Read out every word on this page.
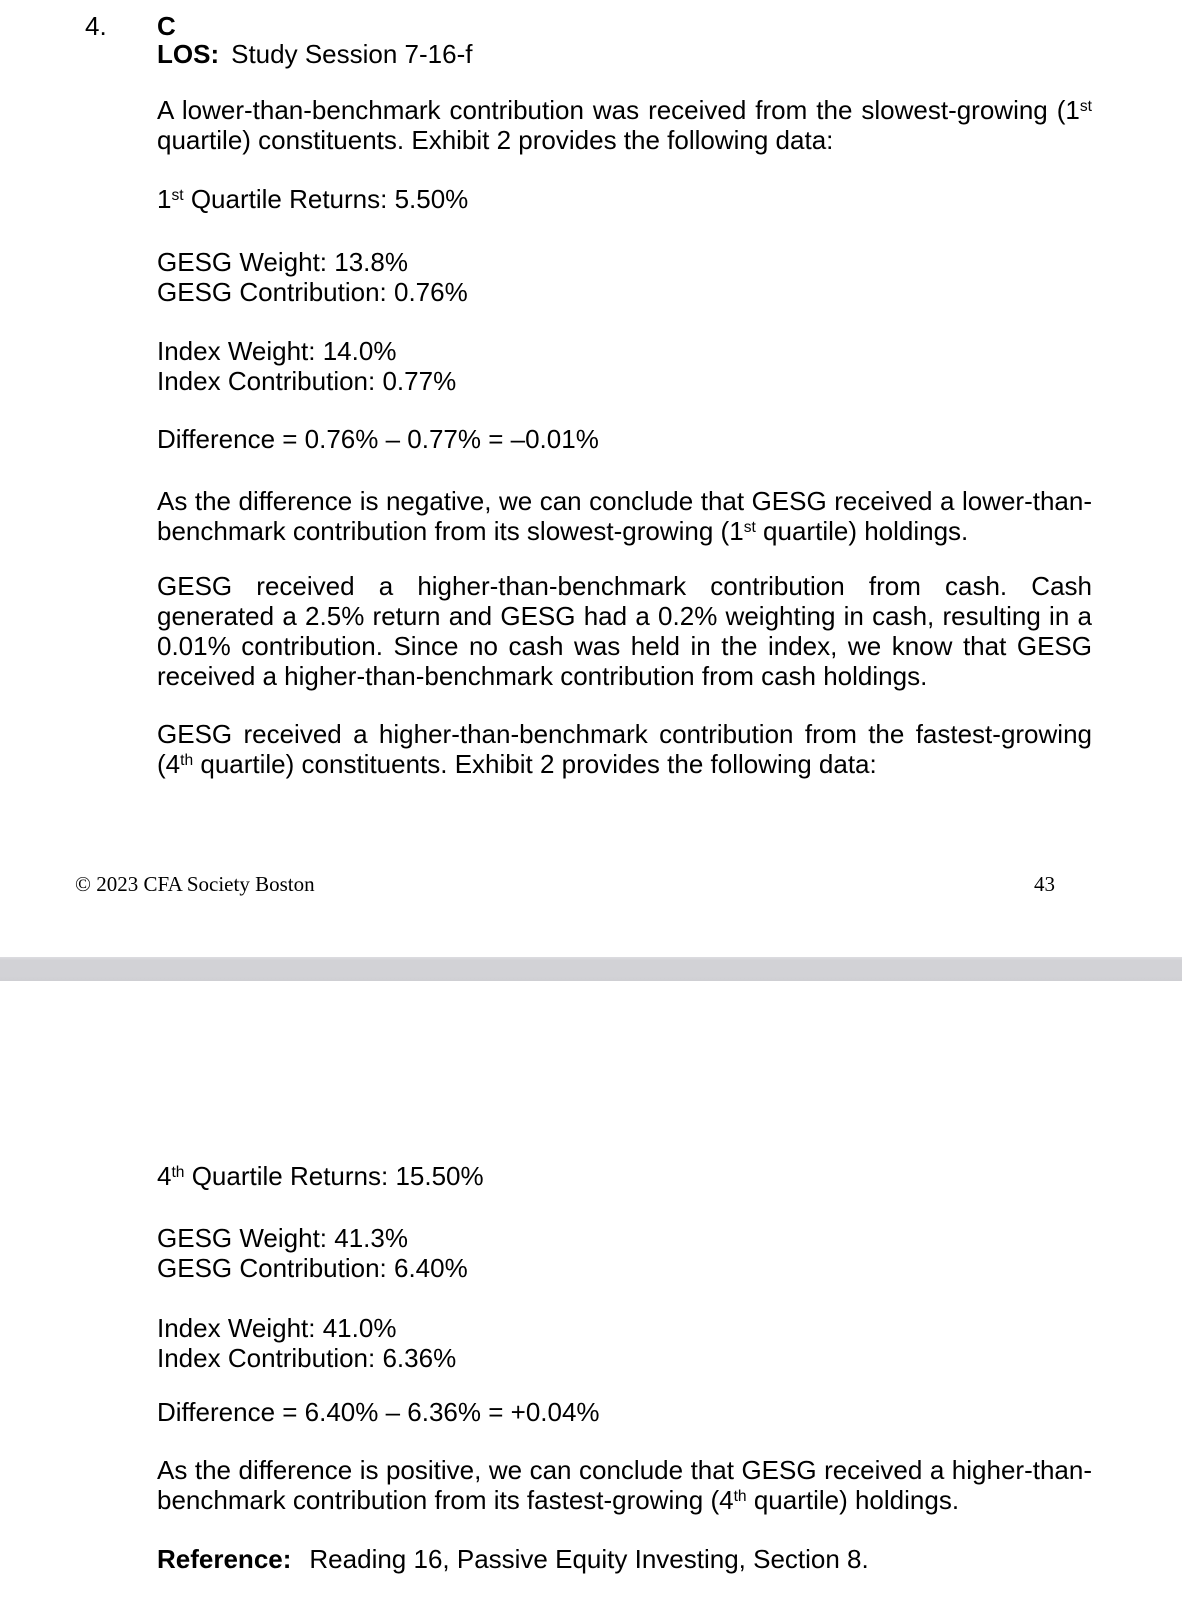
4. C
LOS: Study Session 7-16-f
A lower-than-benchmark contribution was received from the slowest-growing (1st quartile) constituents. Exhibit 2 provides the following data:
1st Quartile Returns: 5.50%
GESG Weight: 13.8%
GESG Contribution: 0.76%
Index Weight: 14.0%
Index Contribution: 0.77%
Difference = 0.76% – 0.77% = –0.01%
As the difference is negative, we can conclude that GESG received a lower-than-benchmark contribution from its slowest-growing (1st quartile) holdings.
GESG received a higher-than-benchmark contribution from cash. Cash generated a 2.5% return and GESG had a 0.2% weighting in cash, resulting in a 0.01% contribution. Since no cash was held in the index, we know that GESG received a higher-than-benchmark contribution from cash holdings.
GESG received a higher-than-benchmark contribution from the fastest-growing (4th quartile) constituents. Exhibit 2 provides the following data:
© 2023 CFA Society Boston	43
4th Quartile Returns: 15.50%
GESG Weight: 41.3%
GESG Contribution: 6.40%
Index Weight: 41.0%
Index Contribution: 6.36%
Difference = 6.40% – 6.36% = +0.04%
As the difference is positive, we can conclude that GESG received a higher-than-benchmark contribution from its fastest-growing (4th quartile) holdings.
Reference: Reading 16, Passive Equity Investing, Section 8.
